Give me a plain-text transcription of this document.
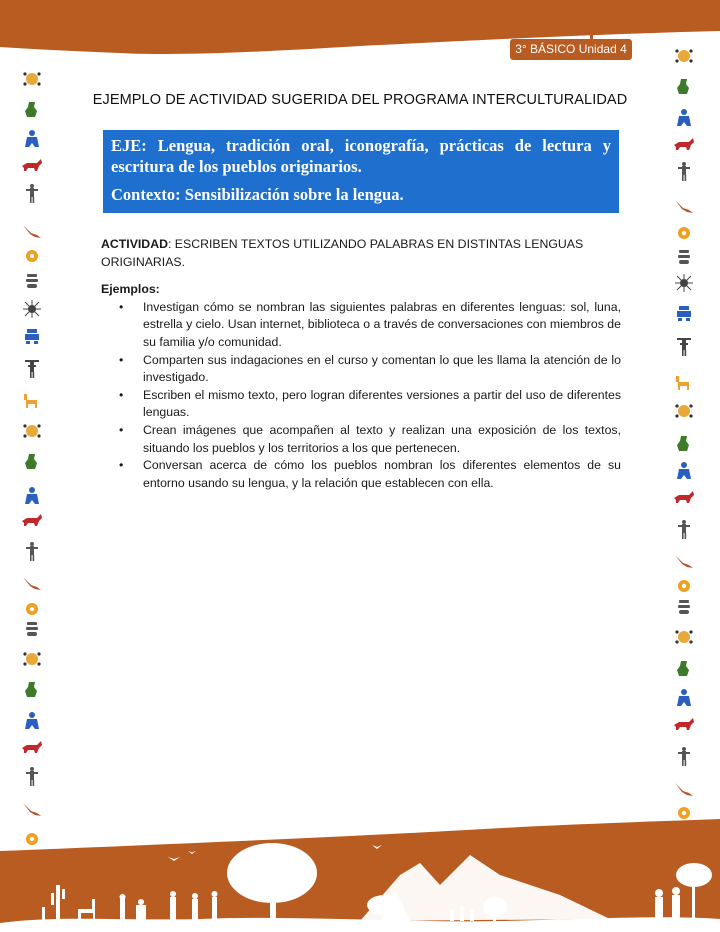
3° BÁSICO Unidad 4
EJEMPLO DE ACTIVIDAD SUGERIDA DEL PROGRAMA INTERCULTURALIDAD
EJE: Lengua, tradición oral, iconografía, prácticas de lectura y escritura de los pueblos originarios.
Contexto: Sensibilización sobre la lengua.

ACTIVIDAD: ESCRIBEN TEXTOS UTILIZANDO PALABRAS EN DISTINTAS LENGUAS ORIGINARIAS.

Ejemplos:

• Investigan cómo se nombran las siguientes palabras en diferentes lenguas: sol, luna, estrella y cielo. Usan internet, biblioteca o a través de conversaciones con miembros de su familia y/o comunidad.
• Comparten sus indagaciones en el curso y comentan lo que les llama la atención de lo investigado.
• Escriben el mismo texto, pero logran diferentes versiones a partir del uso de diferentes lenguas.
• Crean imágenes que acompañen al texto y realizan una exposición de los textos, situando los pueblos y los territorios a los que pertenecen.
• Conversan acerca de cómo los pueblos nombran los diferentes elementos de su entorno usando su lengua, y la relación que establecen con ella.
